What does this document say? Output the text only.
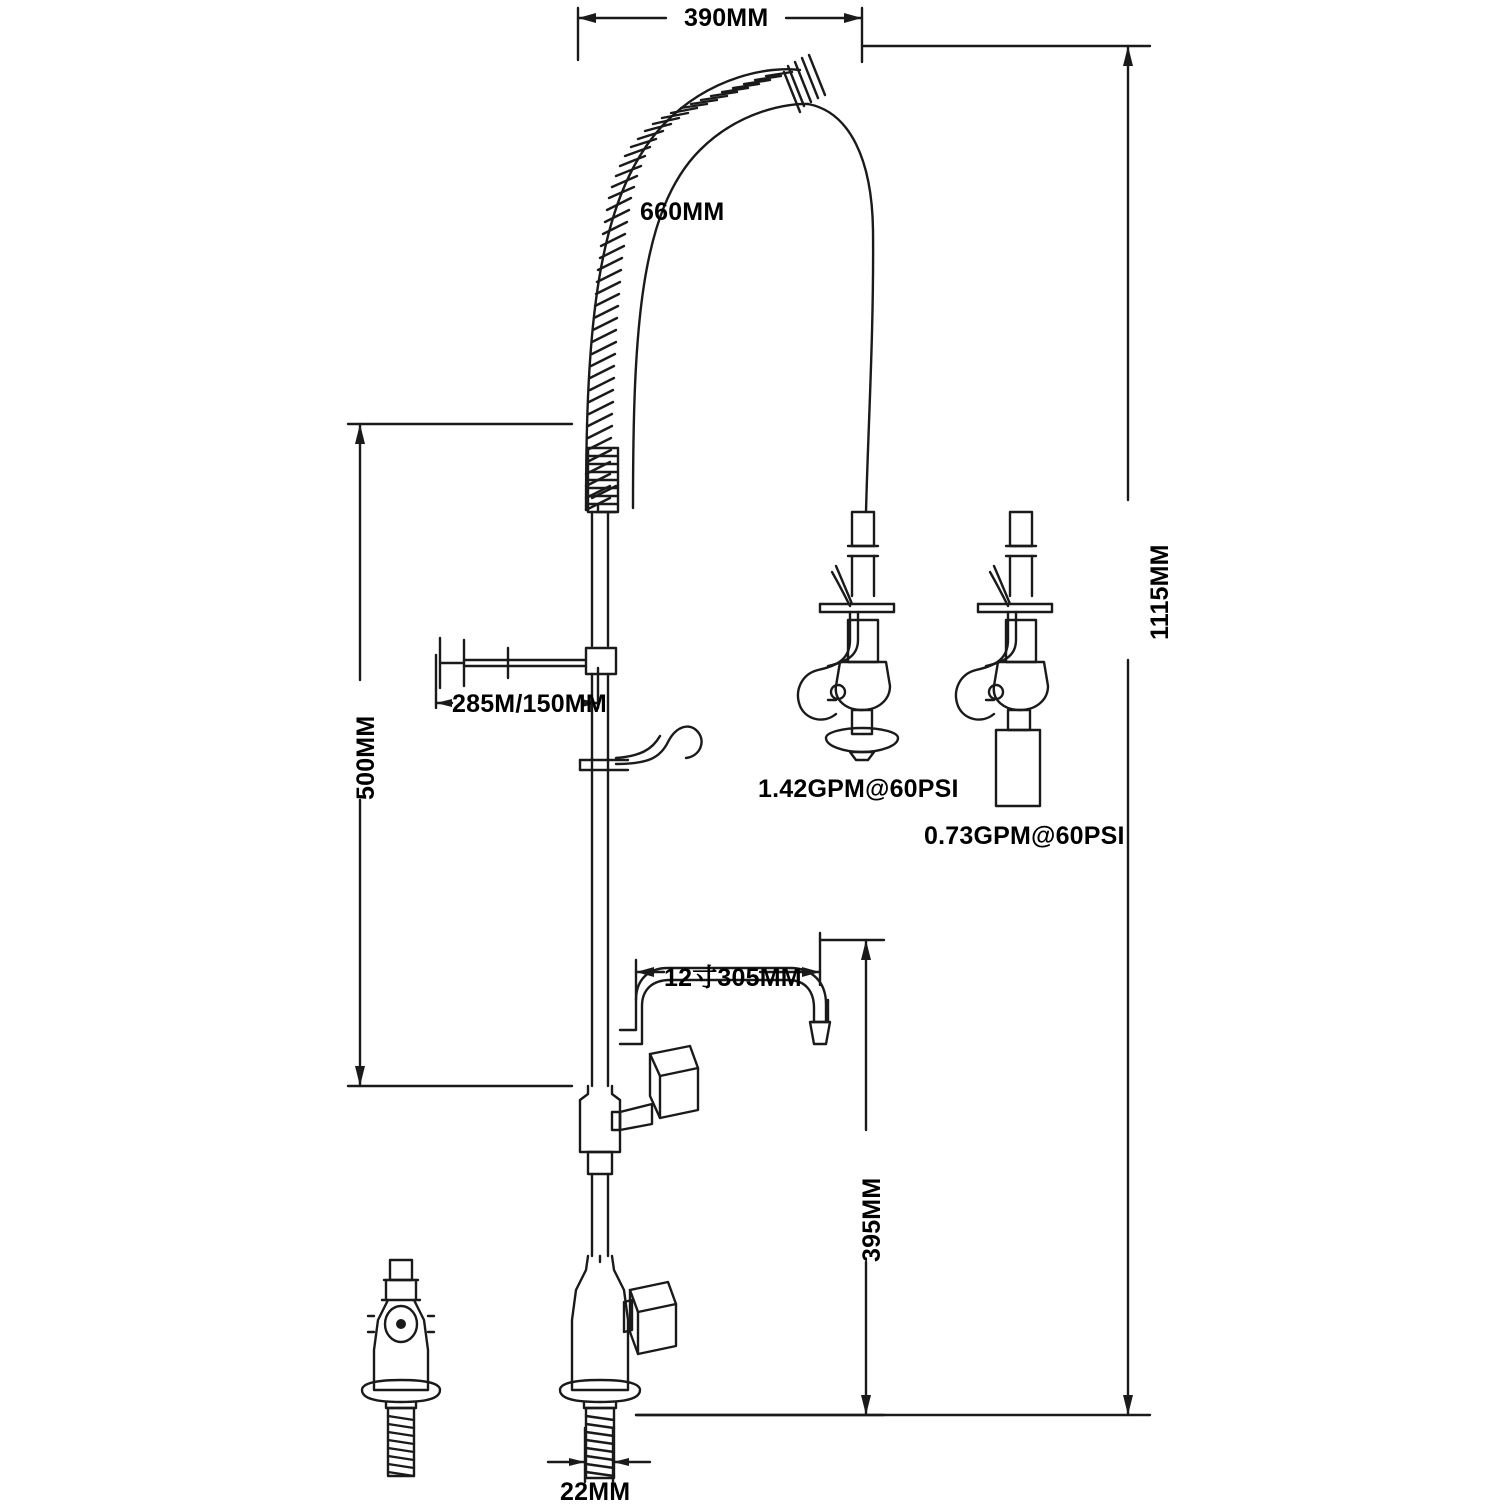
390MM
660MM
1115MM
500MM
285M/150MM
12寸305MM
395MM
22MM
1.42GPM@60PSI
0.73GPM@60PSI
